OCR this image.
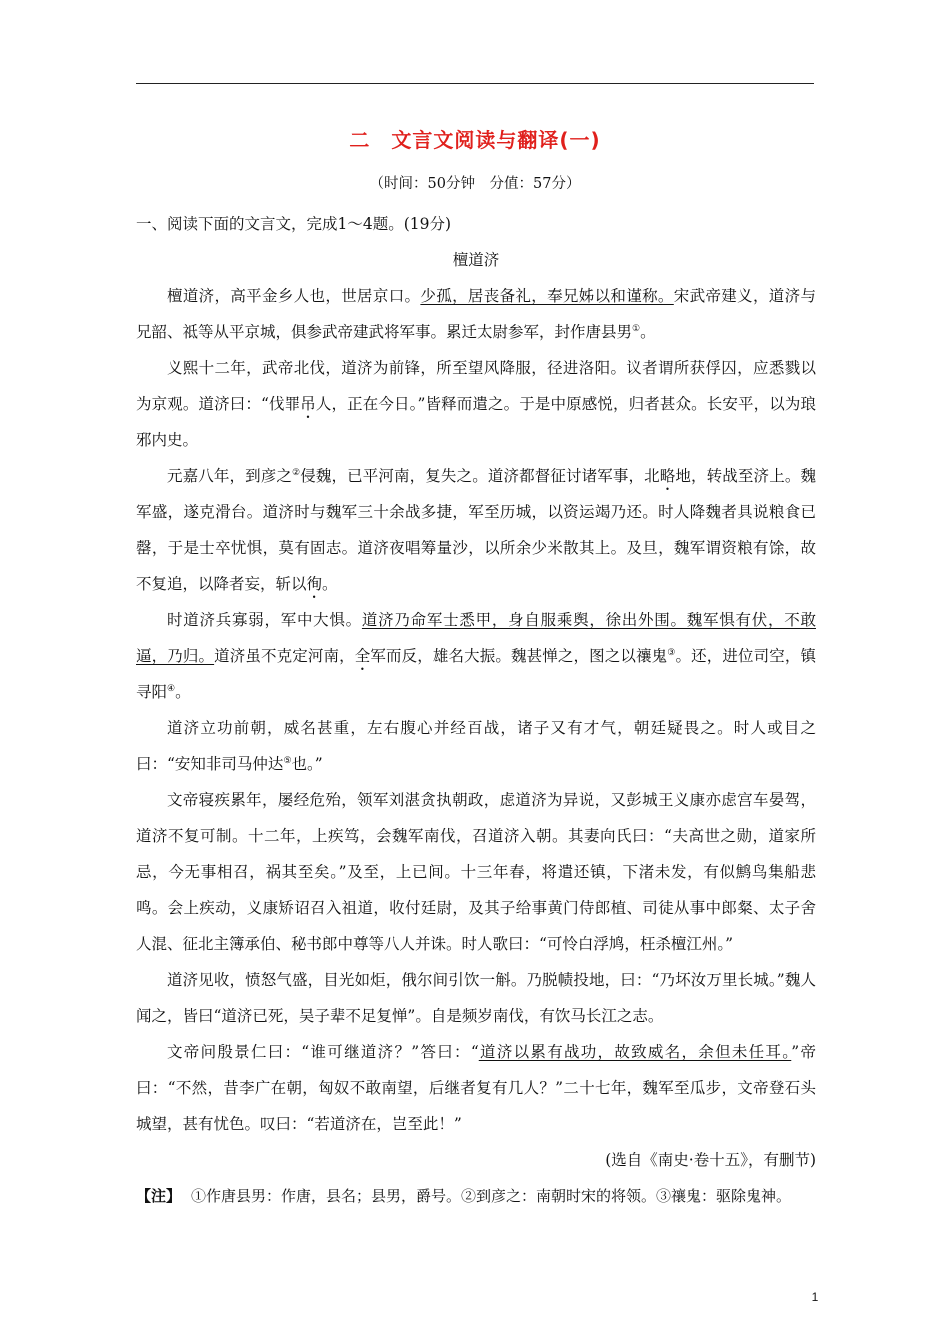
二　文言文阅读与翻译(一)
（时间：50分钟　分值：57分）

一、阅读下面的文言文，完成1～4题。(19分)

檀道济

檀道济，高平金乡人也，世居京口。少孤，居丧备礼，奉兄姊以和谨称。宋武帝建义，道济与兄韶、祗等从平京城，俱参武帝建武将军事。累迁太尉参军，封作唐县男①。

义熙十二年，武帝北伐，道济为前锋，所至望风降服，径进洛阳。议者谓所获俘囚，应悉戮以为京观。道济曰：“伐罪吊人，正在今日。”皆释而遣之。于是中原感悦，归者甚众。长安平，以为琅邪内史。

元嘉八年，到彦之②侵魏，已平河南，复失之。道济都督征讨诸军事，北略地，转战至济上。魏军盛，遂克滑台。道济时与魏军三十余战多捷，军至历城，以资运竭乃还。时人降魏者具说粮食已罄，于是士卒忧惧，莫有固志。道济夜唱筹量沙，以所余少米散其上。及旦，魏军谓资粮有馀，故不复追，以降者妄，斩以徇。

时道济兵寡弱，军中大惧。道济乃命军士悉甲，身自服乘舆，徐出外围。魏军惧有伏，不敢逼，乃归。道济虽不克定河南，全军而反，雄名大振。魏甚惮之，图之以禳鬼③。还，进位司空，镇寻阳④。

道济立功前朝，威名甚重，左右腹心并经百战，诸子又有才气，朝廷疑畏之。时人或目之曰：“安知非司马仲达⑤也。”

文帝寝疾累年，屡经危殆，领军刘湛贪执朝政，虑道济为异说，又彭城王义康亦虑宫车晏驾，道济不复可制。十二年，上疾笃，会魏军南伐，召道济入朝。其妻向氏曰：“夫高世之勋，道家所忌，今无事相召，祸其至矣。”及至，上已间。十三年春，将遣还镇，下渚未发，有似鹪鸟集船悲鸣。会上疾动，义康矫诏召入祖道，收付廷尉，及其子给事黄门侍郎植、司徒从事中郎粲、太子舍人混、征北主簿承伯、秘书郎中尊等八人并诛。时人歌曰：“可怜白浮鸠，枉杀檀江州。”

道济见收，愤怒气盛，目光如炬，俄尔间引饮一斛。乃脱帻投地，曰：“乃坏汝万里长城。”魏人闻之，皆曰“道济已死，吴子辈不足复惮”。自是频岁南伐，有饮马长江之志。

文帝问殷景仁曰：“谁可继道济？”答曰：“道济以累有战功，故致威名，余但未任耳。”帝曰：“不然，昔李广在朝，匈奴不敢南望，后继者复有几人？”二十七年，魏军至瓜步，文帝登石头城望，甚有忧色。叹曰：“若道济在，岂至此！”

(选自《南史·卷十五》，有删节)

【注】 ①作唐县男：作唐，县名；县男，爵号。②到彦之：南朝时宋的将领。③禳鬼：驱除鬼神。

1
